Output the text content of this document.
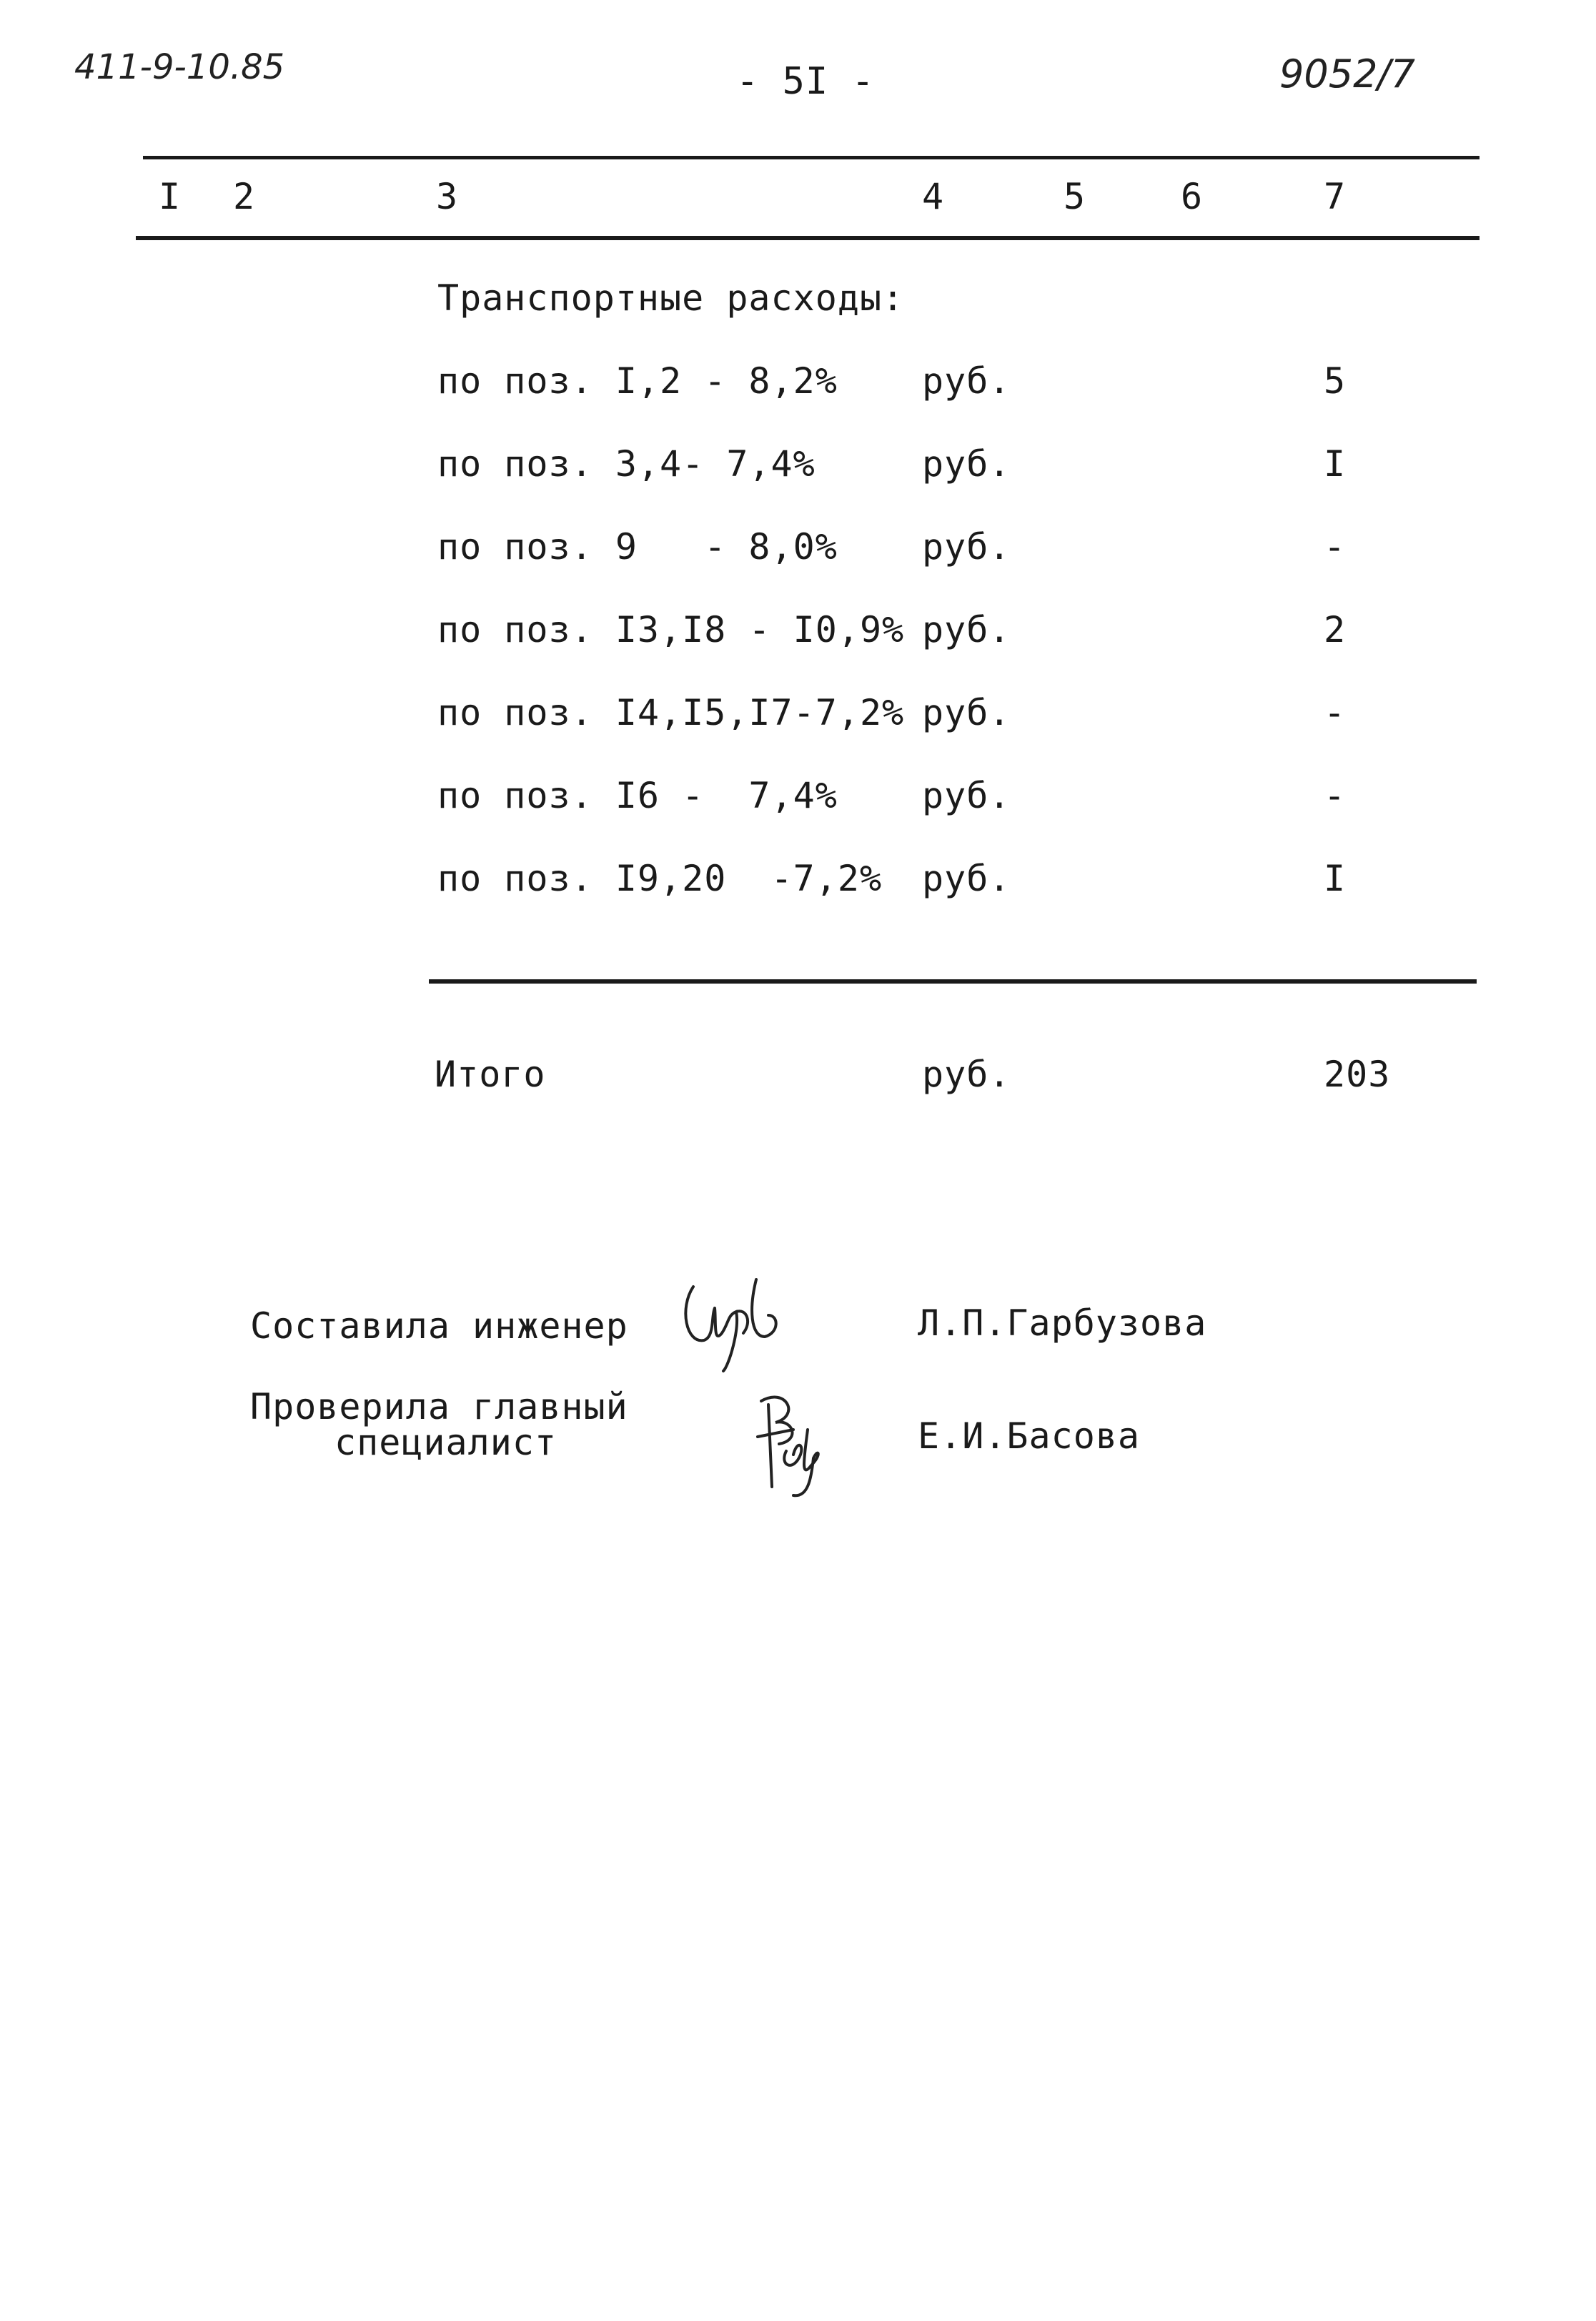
411-9-10.85	- 5I -	9052/7
I 2	3	4	5	6	7
Транспортные расходы:
по поз. I,2 - 8,2% руб.	5
по поз. 3,4- 7,4%	руб.	I
по поз. 9   - 8,0% руб.	-
по поз. I3,I8 - I0,9% руб.	2
по поз. I4,I5,I7-7,2% руб.	-
по поз. I6 -  7,4% руб.	-
по поз. I9,20  -7,2% руб.	I
Итого	руб.	203
Составила инженер	Л.П.Гарбузова
Проверила главный
специалист	Е.И.Басова
